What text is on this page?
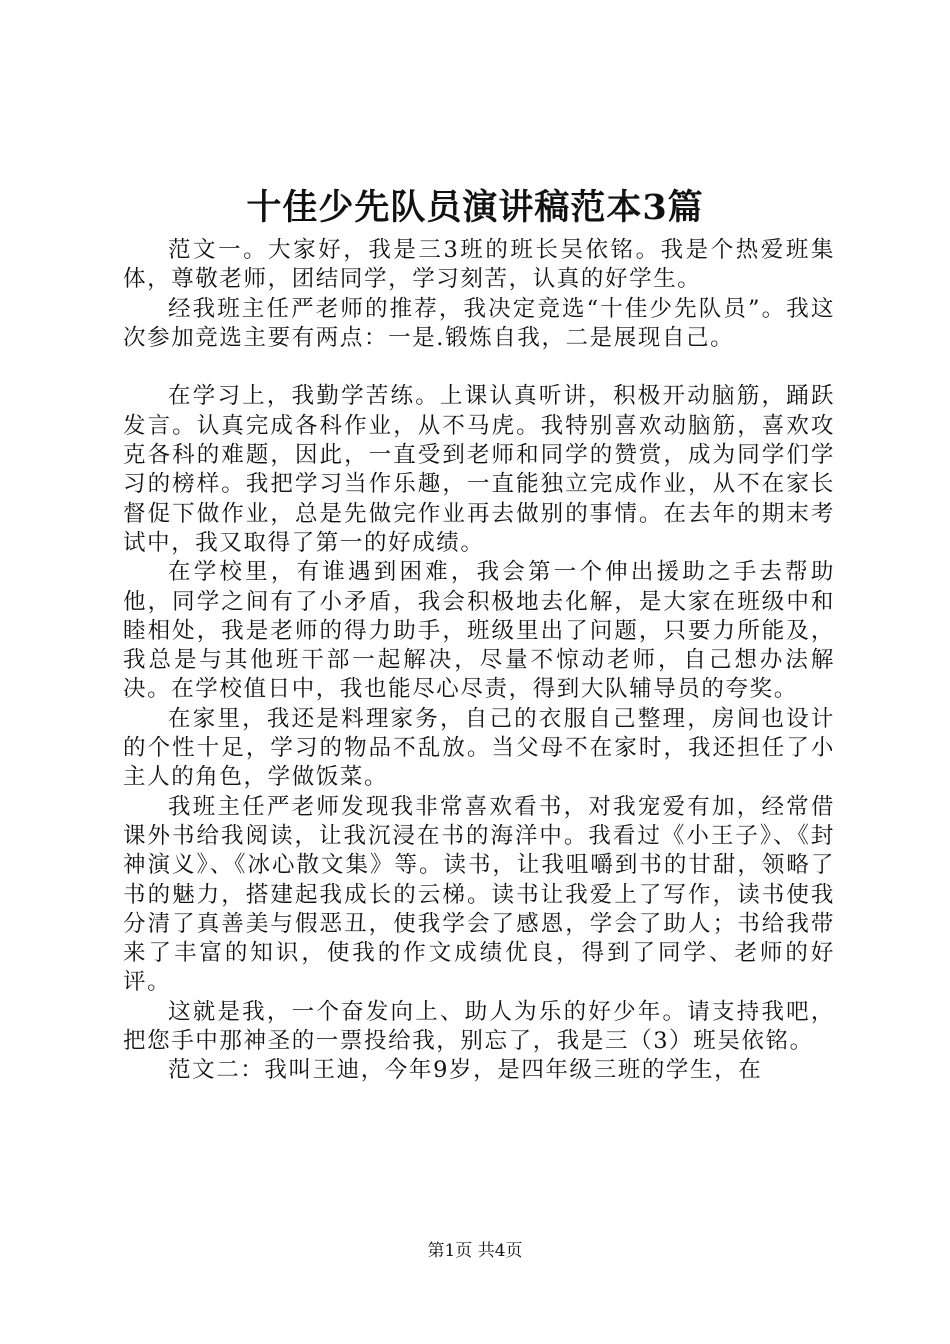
十佳少先队员演讲稿范本3篇

范文一。大家好，我是三3班的班长吴依铭。我是个热爱班集体，尊敬老师，团结同学，学习刻苦，认真的好学生。

经我班主任严老师的推荐，我决定竞选“十佳少先队员”。我这次参加竞选主要有两点：一是.锻炼自我，二是展现自己。

在学习上，我勤学苦练。上课认真听讲，积极开动脑筋，踊跃发言。认真完成各科作业，从不马虎。我特别喜欢动脑筋，喜欢攻克各科的难题，因此，一直受到老师和同学的赞赏，成为同学们学习的榜样。我把学习当作乐趣，一直能独立完成作业，从不在家长督促下做作业，总是先做完作业再去做别的事情。在去年的期末考试中，我又取得了第一的好成绩。

在学校里，有谁遇到困难，我会第一个伸出援助之手去帮助他，同学之间有了小矛盾，我会积极地去化解，是大家在班级中和睦相处，我是老师的得力助手，班级里出了问题，只要力所能及，我总是与其他班干部一起解决，尽量不惊动老师，自己想办法解决。在学校值日中，我也能尽心尽责，得到大队辅导员的夸奖。

在家里，我还是料理家务，自己的衣服自己整理，房间也设计的个性十足，学习的物品不乱放。当父母不在家时，我还担任了小主人的角色，学做饭菜。

我班主任严老师发现我非常喜欢看书，对我宠爱有加，经常借课外书给我阅读，让我沉浸在书的海洋中。我看过《小王子》、《封神演义》、《冰心散文集》等。读书，让我咀嚼到书的甘甜，领略了书的魅力，搭建起我成长的云梯。读书让我爱上了写作，读书使我分清了真善美与假恶丑，使我学会了感恩，学会了助人；书给我带来了丰富的知识，使我的作文成绩优良，得到了同学、老师的好评。

这就是我，一个奋发向上、助人为乐的好少年。请支持我吧，把您手中那神圣的一票投给我，别忘了，我是三（3）班吴依铭。

范文二：我叫王迪，今年9岁，是四年级三班的学生，在

第1页 共4页
